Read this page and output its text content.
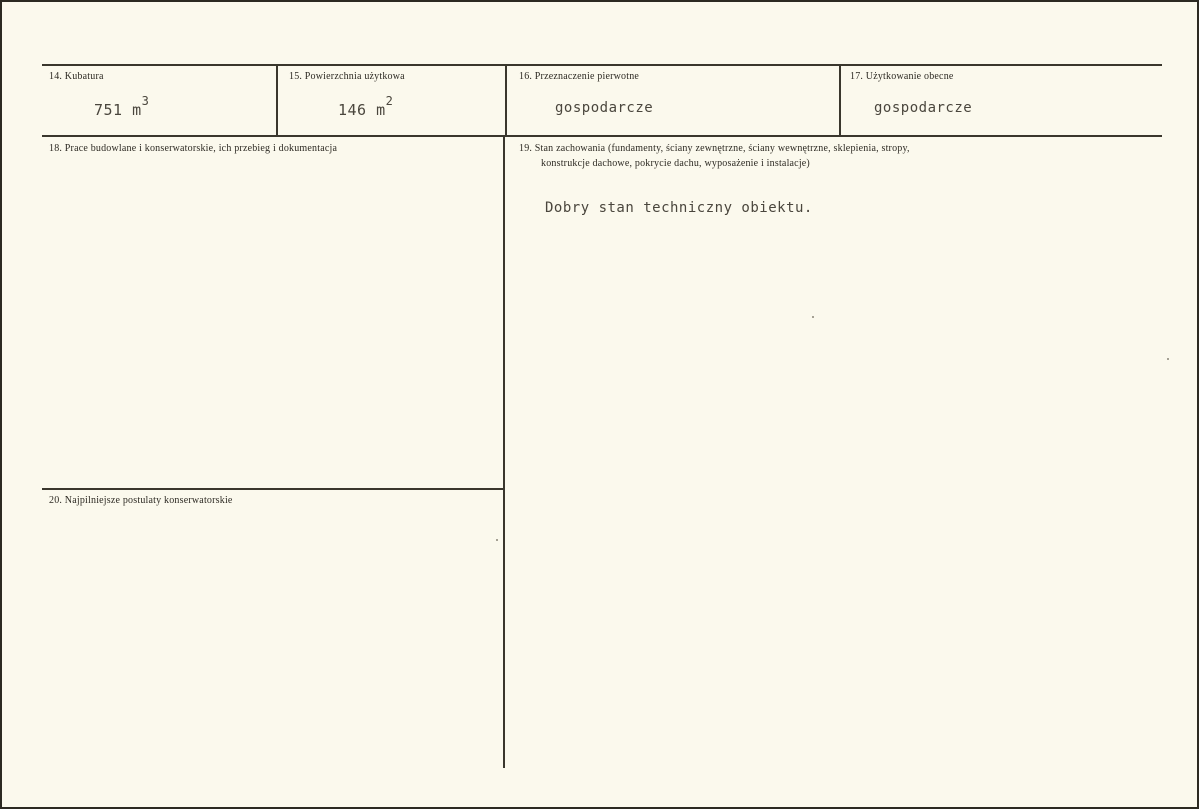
14. Kubatura
751 $m^3$
15. Powierzchnia użytkowa
146 $m^2$
16. Przeznaczenie pierwotne
gospodarcze
17. Użytkowanie obecne
gospodarcze
18. Prace budowlane i konserwatorskie, ich przebieg i dokumentacja	19. Stan zachowania (fundamenty, ściany zewnętrzne, ściany wewnętrzne, sklepienia, stropy,
konstrukcje dachowe, pokrycie dachu, wyposażenie i instalacje)
Dobry stan techniczny obiektu.
20. Najpilniejsze postulaty konserwatorskie
